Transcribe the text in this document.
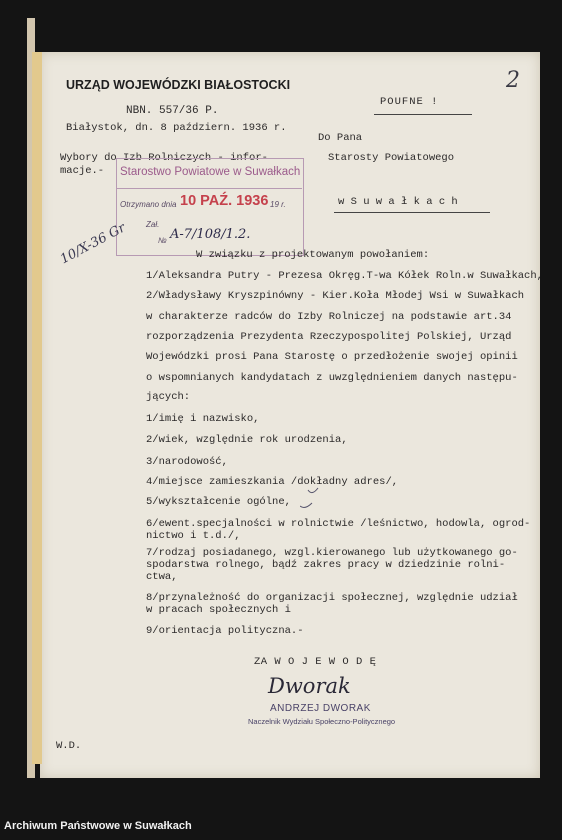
URZĄD WOJEWÓDZKI BIAŁOSTOCKI
NBN. 557/36 P.
Białystok, dn. 8 październ. 1936 r.
POUFNE !
2
Wybory do Izb Rolniczych - infor-
macje.-
Do Pana
Starosty Powiatowego
w S u w a ł k a c h
Starostwo Powiatowe w Suwałkach
Otrzymano dnia 10 PAŹ. 1936 19 r.
Zał.
№ A-7/108/1.2.
10/X-36 Gr	W związku z projektowanym powołaniem:
1/Aleksandra Putry - Prezesa Okręg.T-wa Kółek Roln.w Suwałkach,
2/Władysławy Kryszpinówny - Kier.Koła Młodej Wsi w Suwałkach
w charakterze radców do Izby Rolniczej na podstawie art.34
rozporządzenia Prezydenta Rzeczypospolitej Polskiej, Urząd
Wojewódzki prosi Pana Starostę o przedłożenie swojej opinii
o wspomnianych kandydatach z uwzględnieniem danych następu-
jących:
1/imię i nazwisko,
2/wiek, względnie rok urodzenia,
3/narodowość,
4/miejsce zamieszkania /dokładny adres/,
5/wykształcenie ogólne,
6/ewent.specjalności w rolnictwie /leśnictwo, hodowla, ogrod-
nictwo i t.d./,
7/rodzaj posiadanego, wzgl.kierowanego lub użytkowanego go-
spodarstwa rolnego, bądź zakres pracy w dziedzinie rolni-
ctwa,
8/przynależność do organizacji społecznej, względnie udział
w pracach społecznych i
9/orientacja polityczna.-
ZA W O J E W O D Ę
Dworak
ANDRZEJ DWORAK
Naczelnik Wydziału Społeczno-Politycznego
W.D.
Archiwum Państwowe w Suwałkach
